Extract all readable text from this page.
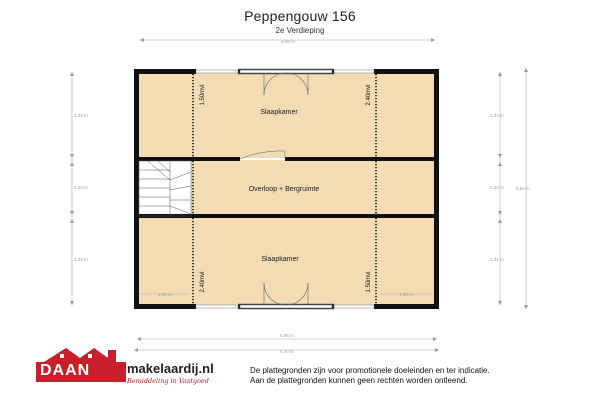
Peppengouw 156
2e Verdieping
5.96 m
1.00 m	1.00 m
Slaapkamer
Overloop + Bergruimte
Slaapkamer
1.50mvl	2.40mvl
2.40mvl	1.50mvl
3.33 m
2.20 m
3.33 m
3.33 m
2.20 m
3.31 m
8.84 m
5.56 m
5.70 m
DAAN	makelaardij.nl
Bemiddeling in Vastgoed
De plattegronden zijn voor promotionele doeleinden en ter indicatie.
Aan de plattegronden kunnen geen rechten worden ontleend.
